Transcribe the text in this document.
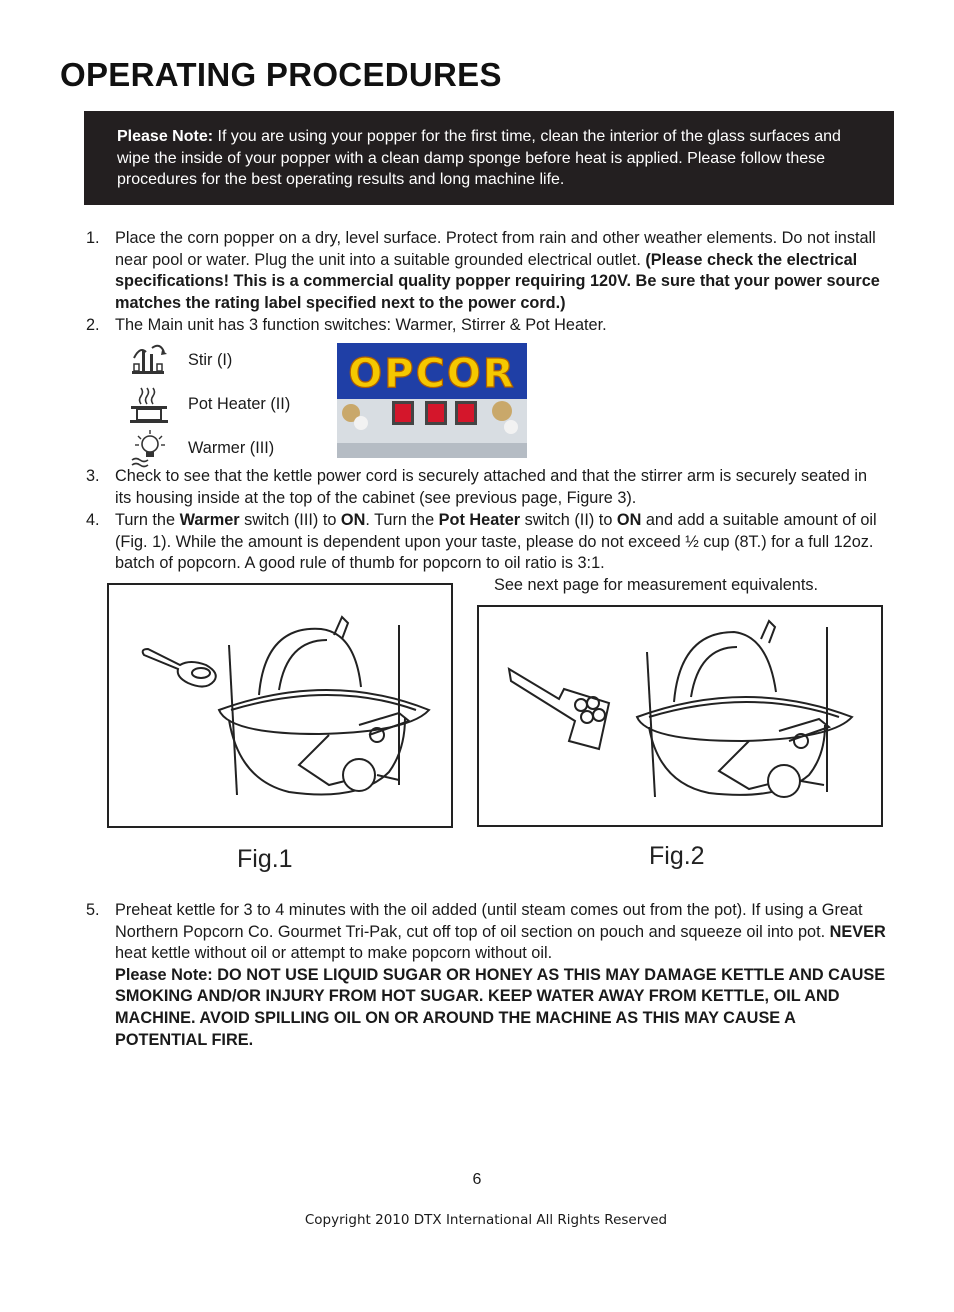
OPERATING PROCEDURES
Please Note: If you are using your popper for the first time, clean the interior of the glass surfaces and wipe the inside of your popper with a clean damp sponge before heat is applied. Please follow these procedures for the best operating results and long machine life.
1. Place the corn popper on a dry, level surface. Protect from rain and other weather elements. Do not install near pool or water. Plug the unit into a suitable grounded electrical outlet. (Please check the electrical specifications! This is a commercial quality popper requiring 120V. Be sure that your power source matches the rating label specified next to the power cord.)
2. The Main unit has 3 function switches: Warmer, Stirrer & Pot Heater.
Stir (I)
Pot Heater (II)
Warmer (III)
OPCOR
3. Check to see that the kettle power cord is securely attached and that the stirrer arm is securely seated in its housing inside at the top of the cabinet (see previous page, Figure 3).
4. Turn the Warmer switch (III) to ON. Turn the Pot Heater switch (II) to ON and add a suitable amount of oil (Fig. 1). While the amount is dependent upon your taste, please do not exceed ½ cup (8T.) for a full 12oz. batch of popcorn. A good rule of thumb for popcorn to oil ratio is 3:1.
See next page for measurement equivalents.
Fig.1	Fig.2
5. Preheat kettle for 3 to 4 minutes with the oil added (until steam comes out from the pot). If using a Great Northern Popcorn Co. Gourmet Tri-Pak, cut off top of oil section on pouch and squeeze oil into pot. NEVER heat kettle without oil or attempt to make popcorn without oil.
Please Note: DO NOT USE LIQUID SUGAR OR HONEY AS THIS MAY DAMAGE KETTLE AND CAUSE SMOKING AND/OR INJURY FROM HOT SUGAR. KEEP WATER AWAY FROM KETTLE, OIL AND MACHINE. AVOID SPILLING OIL ON OR AROUND THE MACHINE AS THIS MAY CAUSE A POTENTIAL FIRE.
6
Copyright 2010 DTX International All Rights Reserved
